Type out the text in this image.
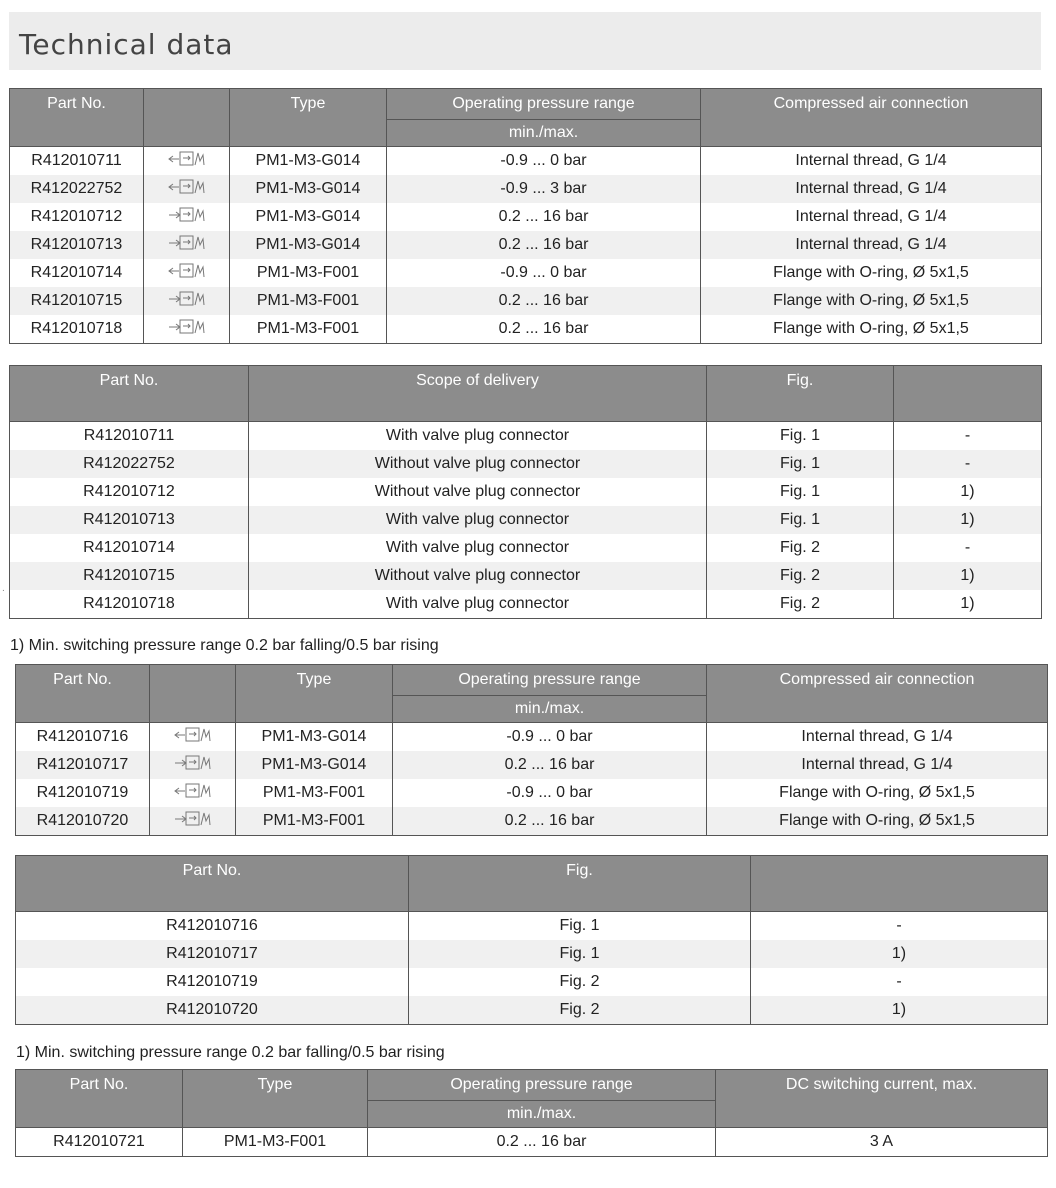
Technical data
Part No.		Type	Operating pressure range	Compressed air connection
			min./max.	
R412010711		PM1-M3-G014	-0.9 ... 0 bar	Internal thread, G 1/4
R412022752		PM1-M3-G014	-0.9 ... 3 bar	Internal thread, G 1/4
R412010712		PM1-M3-G014	0.2 ... 16 bar	Internal thread, G 1/4
R412010713		PM1-M3-G014	0.2 ... 16 bar	Internal thread, G 1/4
R412010714		PM1-M3-F001	-0.9 ... 0 bar	Flange with O-ring, Ø 5x1,5
R412010715		PM1-M3-F001	0.2 ... 16 bar	Flange with O-ring, Ø 5x1,5
R412010718		PM1-M3-F001	0.2 ... 16 bar	Flange with O-ring, Ø 5x1,5
Part No.	Scope of delivery	Fig.	
R412010711	With valve plug connector	Fig. 1	-
R412022752	Without valve plug connector	Fig. 1	-
R412010712	Without valve plug connector	Fig. 1	1)
R412010713	With valve plug connector	Fig. 1	1)
R412010714	With valve plug connector	Fig. 2	-
R412010715	Without valve plug connector	Fig. 2	1)
R412010718	With valve plug connector	Fig. 2	1)
.
1) Min. switching pressure range 0.2 bar falling/0.5 bar rising
Part No.		Type	Operating pressure range	Compressed air connection
			min./max.	
R412010716		PM1-M3-G014	-0.9 ... 0 bar	Internal thread, G 1/4
R412010717		PM1-M3-G014	0.2 ... 16 bar	Internal thread, G 1/4
R412010719		PM1-M3-F001	-0.9 ... 0 bar	Flange with O-ring, Ø 5x1,5
R412010720		PM1-M3-F001	0.2 ... 16 bar	Flange with O-ring, Ø 5x1,5
Part No.	Fig.	
R412010716	Fig. 1	-
R412010717	Fig. 1	1)
R412010719	Fig. 2	-
R412010720	Fig. 2	1)
1) Min. switching pressure range 0.2 bar falling/0.5 bar rising
Part No.	Type	Operating pressure range	DC switching current, max.
		min./max.	
R412010721	PM1-M3-F001	0.2 ... 16 bar	3 A
